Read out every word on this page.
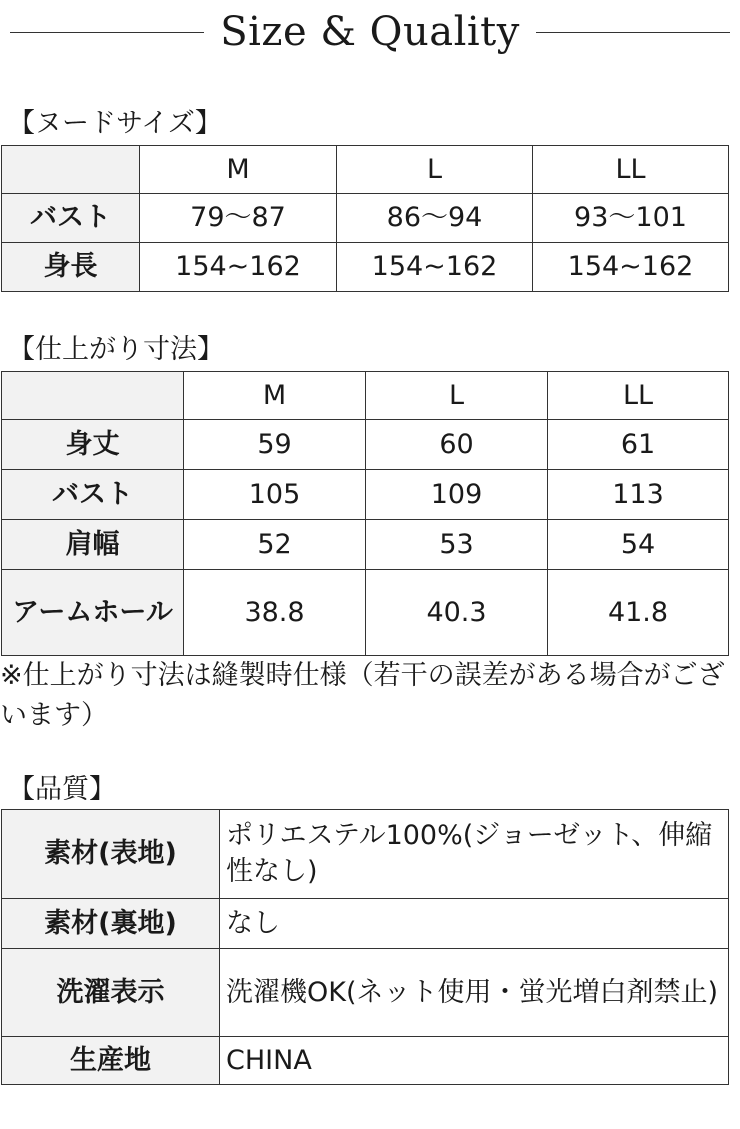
Size & Quality
【ヌードサイズ】
	M	L	LL
バスト	79〜87	86〜94	93〜101
身長	154~162	154~162	154~162
【仕上がり寸法】
	M	L	LL
身丈	59	60	61
バスト	105	109	113
肩幅	52	53	54
アームホール	38.8	40.3	41.8
※仕上がり寸法は縫製時仕様（若干の誤差がある場合がございます）
【品質】
素材(表地)	ポリエステル100%(ジョーゼット、伸縮性なし)
素材(裏地)	なし
洗濯表示	洗濯機OK(ネット使用・蛍光増白剤禁止)
生産地	CHINA
